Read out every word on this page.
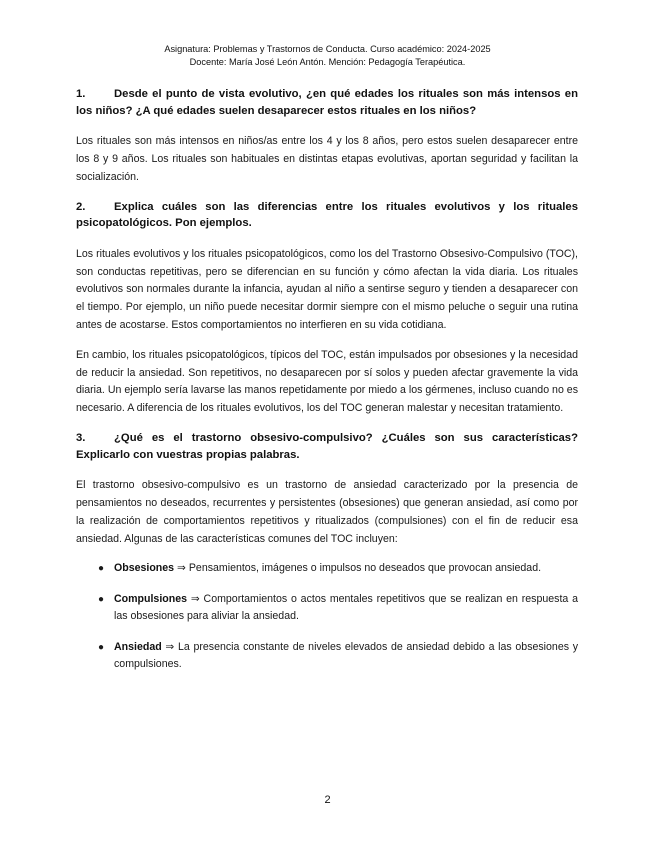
Asignatura: Problemas y Trastornos de Conducta. Curso académico: 2024-2025
Docente: María José León Antón. Mención: Pedagogía Terapéutica.
1.	Desde el punto de vista evolutivo, ¿en qué edades los rituales son más intensos en los niños? ¿A qué edades suelen desaparecer estos rituales en los niños?
Los rituales son más intensos en niños/as entre los 4 y los 8 años, pero estos suelen desaparecer entre los 8 y 9 años. Los rituales son habituales en distintas etapas evolutivas, aportan seguridad y facilitan la socialización.
2.	Explica cuáles son las diferencias entre los rituales evolutivos y los rituales psicopatológicos. Pon ejemplos.
Los rituales evolutivos y los rituales psicopatológicos, como los del Trastorno Obsesivo-Compulsivo (TOC), son conductas repetitivas, pero se diferencian en su función y cómo afectan la vida diaria. Los rituales evolutivos son normales durante la infancia, ayudan al niño a sentirse seguro y tienden a desaparecer con el tiempo. Por ejemplo, un niño puede necesitar dormir siempre con el mismo peluche o seguir una rutina antes de acostarse. Estos comportamientos no interfieren en su vida cotidiana.
En cambio, los rituales psicopatológicos, típicos del TOC, están impulsados por obsesiones y la necesidad de reducir la ansiedad. Son repetitivos, no desaparecen por sí solos y pueden afectar gravemente la vida diaria. Un ejemplo sería lavarse las manos repetidamente por miedo a los gérmenes, incluso cuando no es necesario. A diferencia de los rituales evolutivos, los del TOC generan malestar y necesitan tratamiento.
3.	¿Qué es el trastorno obsesivo-compulsivo? ¿Cuáles son sus características? Explicarlo con vuestras propias palabras.
El trastorno obsesivo-compulsivo es un trastorno de ansiedad caracterizado por la presencia de pensamientos no deseados, recurrentes y persistentes (obsesiones) que generan ansiedad, así como por la realización de comportamientos repetitivos y ritualizados (compulsiones) con el fin de reducir esa ansiedad. Algunas de las características comunes del TOC incluyen:
● Obsesiones ⇒ Pensamientos, imágenes o impulsos no deseados que provocan ansiedad.
● Compulsiones ⇒ Comportamientos o actos mentales repetitivos que se realizan en respuesta a las obsesiones para aliviar la ansiedad.
● Ansiedad ⇒ La presencia constante de niveles elevados de ansiedad debido a las obsesiones y compulsiones.
2
